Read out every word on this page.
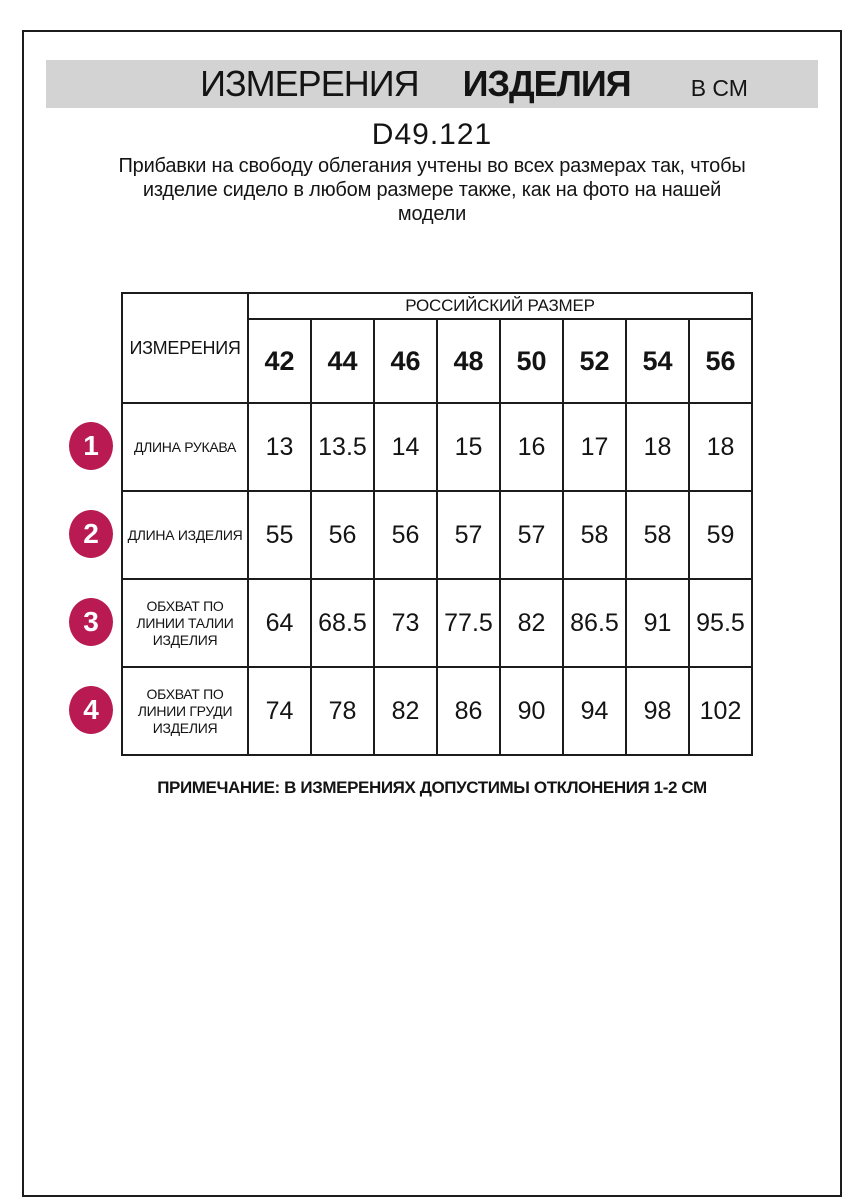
ИЗМЕРЕНИЯ ИЗДЕЛИЯ	В СМ
D49.121
Прибавки на свободу облегания учтены во всех размерах так, чтобы
изделие сидело в любом размере также, как на фото на нашей
модели
1
2
3
4
ИЗМЕРЕНИЯ	РОССИЙСКИЙ РАЗМЕР							
	42	44	46	48	50	52	54	56
ДЛИНА РУКАВА	13	13.5	14	15	16	17	18	18
ДЛИНА ИЗДЕЛИЯ	55	56	56	57	57	58	58	59
ОБХВАТ ПО ЛИНИИ ТАЛИИ ИЗДЕЛИЯ	64	68.5	73	77.5	82	86.5	91	95.5
ОБХВАТ ПО ЛИНИИ ГРУДИ ИЗДЕЛИЯ	74	78	82	86	90	94	98	102
ПРИМЕЧАНИЕ: В ИЗМЕРЕНИЯХ ДОПУСТИМЫ ОТКЛОНЕНИЯ 1-2 СМ
